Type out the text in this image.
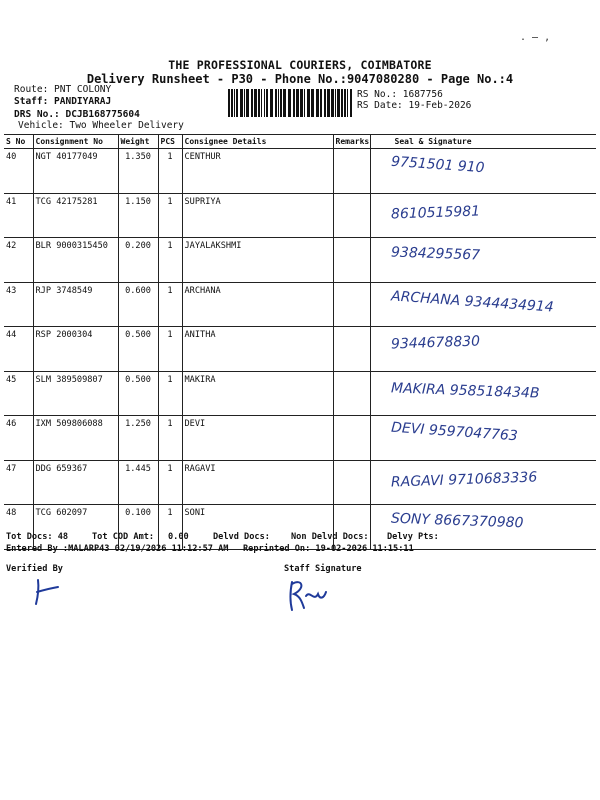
. ̶ ,
THE PROFESSIONAL COURIERS, COIMBATORE
Delivery Runsheet - P30 - Phone No.:9047080280 - Page No.:4
Route: PNT COLONY
Staff: PANDIYARAJ
DRS No.: DCJB168775604
Vehicle: Two Wheeler Delivery
RS No.: 1687756
RS Date: 19-Feb-2026
S No	Consignment No	Weight	PCS	Consignee Details	Remarks	Seal & Signature
40	NGT 40177049	1.350	1	CENTHUR		9751501 910

41	TCG 42175281	1.150	1	SUPRIYA		8610515981

42	BLR 9000315450	0.200	1	JAYALAKSHMI		9384295567

43	RJP 3748549	0.600	1	ARCHANA		ARCHANA 9344434914

44	RSP 2000304	0.500	1	ANITHA		9344678830

45	SLM 389509807	0.500	1	MAKIRA		MAKIRA 958518434B

46	IXM 509806088	1.250	1	DEVI		DEVI 9597047763

47	DDG 659367	1.445	1	RAGAVI		RAGAVI 9710683336

48	TCG 602097	0.100	1	SONI		SONY 8667370980
Tot Docs: 48	Tot COD Amt: 0.00	Delvd Docs: Non Delvd Docs: Delvy Pts:
Entered By :MALARP43 02/19/2026 11:12:57 AM Reprinted On: 19-02-2026 11:15:11
Verified By	Staff Signature
